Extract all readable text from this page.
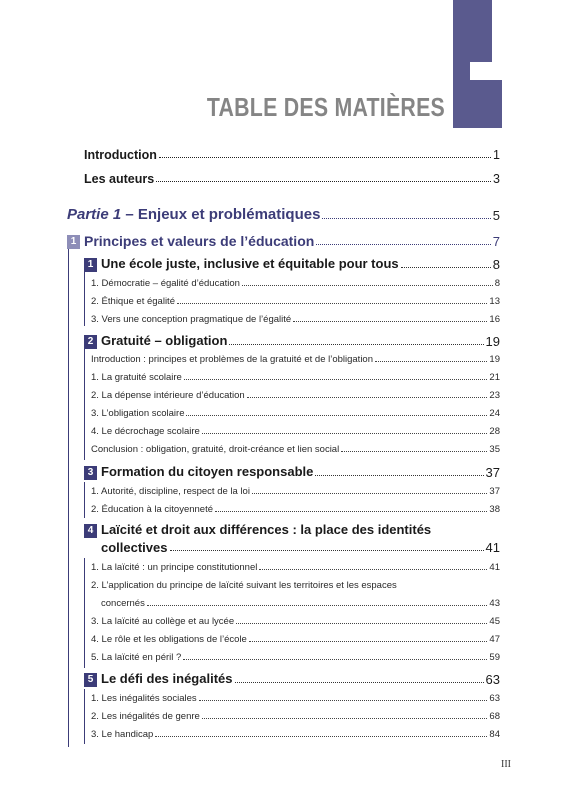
TABLE DES MATIÈRES
Introduction	1
Les auteurs	3
Partie 1 – Enjeux et problématiques	5
1 Principes et valeurs de l’éducation	7
1 Une école juste, inclusive et équitable pour tous	8
1. Démocratie – égalité d’éducation	8
2. Éthique et égalité	13
3. Vers une conception pragmatique de l’égalité	16
2 Gratuité – obligation	19
Introduction : principes et problèmes de la gratuité et de l’obligation	19
1. La gratuité scolaire	21
2. La dépense intérieure d’éducation	23
3. L’obligation scolaire	24
4. Le décrochage scolaire	28
Conclusion : obligation, gratuité, droit-créance et lien social	35
3 Formation du citoyen responsable	37
1. Autorité, discipline, respect de la loi	37
2. Éducation à la citoyenneté	38
4 Laïcité et droit aux différences : la place des identités
collectives	41
1. La laïcité : un principe constitutionnel	41
2. L’application du principe de laïcité suivant les territoires et les espaces
concernés	43
3. La laïcité au collège et au lycée	45
4. Le rôle et les obligations de l’école	47
5. La laïcité en péril ?	59
5 Le défi des inégalités	63
1. Les inégalités sociales	63
2. Les inégalités de genre	68
3. Le handicap	84
III
